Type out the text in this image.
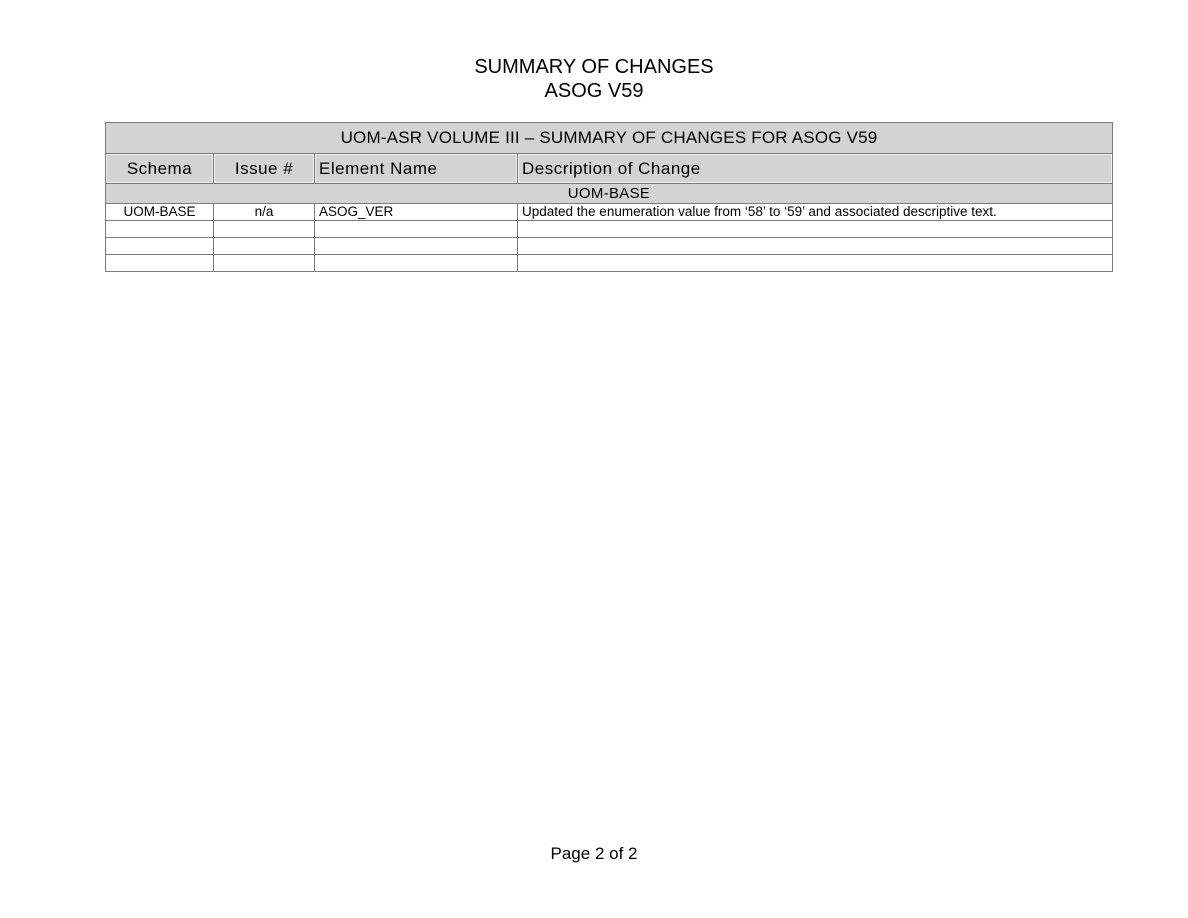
SUMMARY OF CHANGES
ASOG V59
UOM-ASR VOLUME III – SUMMARY OF CHANGES FOR ASOG V59			
Schema	Issue #	Element Name	Description of Change
UOM-BASE			
UOM-BASE	n/a	ASOG_VER	Updated the enumeration value from ‘58’ to ‘59’ and associated descriptive text.

Page 2 of 2
